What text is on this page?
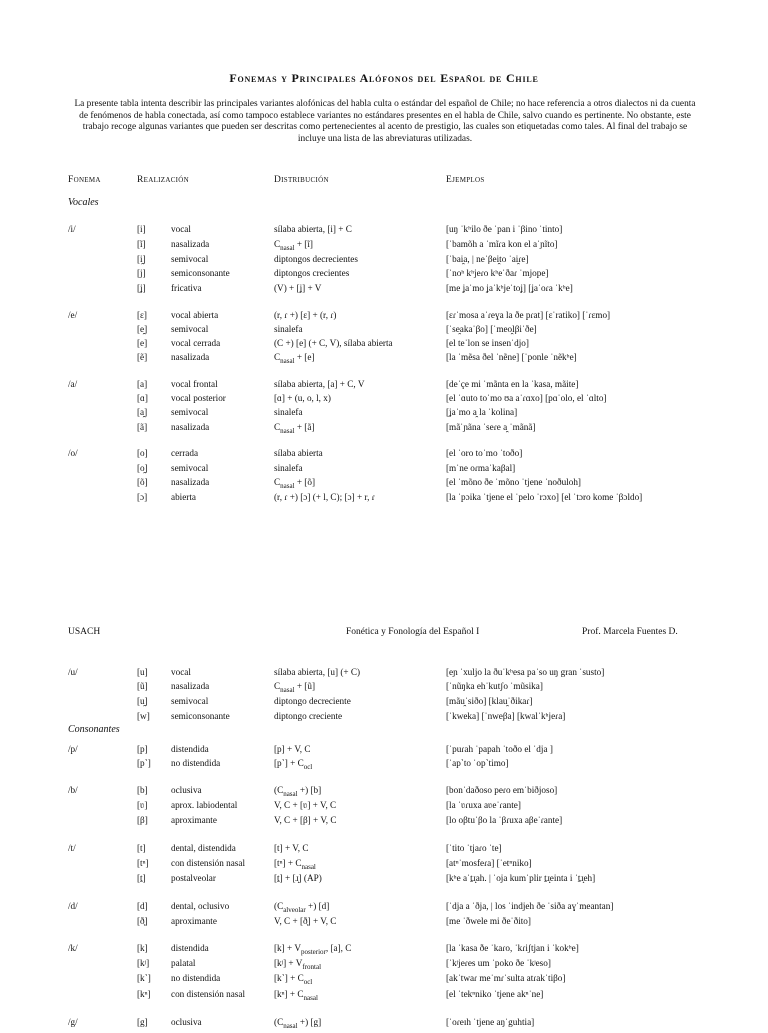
Fonemas y Principales Alófonos del Español de Chile
La presente tabla intenta describir las principales variantes alofónicas del habla culta o estándar del español de Chile; no hace referencia a otros dialectos ni da cuenta de fenómenos de habla conectada, así como tampoco establece variantes no estándares presentes en el habla de Chile, salvo cuando es pertinente. No obstante, este trabajo recoge algunas variantes que pueden ser descritas como pertenecientes al acento de prestigio, las cuales son etiquetadas como tales. Al final del trabajo se incluye una lista de las abreviaturas utilizadas.
Fonema	Realización	Distribución	Ejemplos
Vocales
/i/	[i]	vocal	sílaba abierta, [i] + C	[uŋ ˈkʰilo ðe ˈpan i ˈβino ˈtinto]
[ĩ]	nasalizada	$C_{nasal}$ + [ĩ]	[ˈbamõh a ˈmĩɾa kon el aˈɲĩto]
[i̯]	semivocal	diptongos decrecientes	[ˈbai̯a, | neˈβei̯to ˈai̯ɾe]
[j]	semiconsonante	diptongos crecientes	[ˈnoʰ kʰjeɾo kʰeˈðaɾ ˈmjope]
[ʝ]	fricativa	(V) + [ʝ] + V	[me ʝaˈmo ʝaˈkʰjeˈtoʝ] [ʝaˈoɾa ˈkʰe]
/e/	[ɛ]	vocal abierta	(r, ɾ +) [ɛ] + (r, ɾ)	[ɛɾˈmosa aˈɾeɣa la ðe pɾat] [ɛˈratiko] [ˈɾɛmo]
[e̯]	semivocal	sinalefa	[ˈse̯akaˈβo] [ˈmeo̯lβiˈðe]
[e]	vocal cerrada	(C +) [e] (+ C, V), sílaba abierta	[el teˈlon se insenˈdjo]
[ẽ]	nasalizada	$C_{nasal} + [e]$	[la ˈmẽsa ðel ˈnẽne] [ˈponle ˈnẽkʰe]
/a/	[a]	vocal frontal	sílaba abierta, [a] + C, V	[deˈçe mi ˈmãnta en la ˈkasa, mãite]
[ɑ]	vocal posterior	[ɑ] + (u, o, l, x)	[el ˈɑuto toˈmo ʊa aˈɾɑxo] [pɑˈolo, el ˈɑlto]
[a̯]	semivocal	sinalefa	[ʝaˈmo a̯ la ˈkolina]
[ã]	nasalizada	$C_{nasal}$ + [ã]	[mãˈɲãna ˈseɾe a̯ ˈmãnã]
/o/	[o]	cerrada	sílaba abierta	[el ˈoro toˈmo ˈtoðo]
[o̯]	semivocal	sinalefa	[mˈne oɾmaˈkaβal]
[õ]	nasalizada	$C_{nasal}$ + [õ]	[el ˈmõno ðe ˈmõno ˈtjene ˈnoðuloh]
[ɔ]	abierta	(r, ɾ +) [ɔ] (+ l, C); [ɔ] + r, ɾ	[la ˈpɔika ˈtjene el ˈpelo ˈrɔxo] [el ˈtɔro kome ˈβɔldo]
USACH	Fonética y Fonología del Español I	Prof. Marcela Fuentes D.
/u/	[u]	vocal	sílaba abierta, [u] (+ C)	[eɲ ˈxuljo la ðuˈkʰesa paˈso uŋ gran ˈsusto]
[ũ]	nasalizada	$C_{nasal}$ + [ũ]	[ˈnũŋka ehˈkutʃo ˈmũsika]
[u̯]	semivocal	diptongo decreciente	[mãu̯ˈsiðo] [klau̯ˈðikaɾ]
[w] semiconsonante	diptongo creciente	[ˈkweka] [ˈnweβa] [kwalˈkʰjeɾa]
/p/	[p]	distendida	[p] + V, C	[ˈpuɾah ˈpapah ˈtoðo el ˈdja ]
[p˺] no distendida	[p˺] + $C_{ocl}$	[ˈap˺to ˈop˺timo]
/b/	[b]	oclusiva	($C_{nasal}$ +) [b]	[bonˈdaðoso peɾo emˈbiðjoso]
[ʋ]	aprox. labiodental	V, C + [ʋ] + V, C	[la ˈʋɾuxa aʋeˈɾante]
[β]	aproximante	V, C + [β] + V, C	[lo oβtuˈβo la ˈβɾuxa aβeˈɾante]
/t/	[t]	dental, distendida	[t] + V, C	[ˈtito ˈtjaɾo ˈte]
[tⁿ] con distensión nasal	$[t^n] + C_{nasal}$	[atⁿˈmosfeɾa] [ˈetⁿniko]
[ṯ]	postalveolar	[ṯ] + [ɹ̝] (AP)	[kʰe aˈṯɹ̝ah. | ˈoja kumˈplir ṯɹ̝einta i ˈṯɹ̝eh]
/d/	[d]	dental, oclusivo	($C_{alveolar}$ +) [d]	[ˈdja a ˈðja, | los ˈindjeh ðe ˈsiða aɣˈmeantan]
[ð̞]	aproximante	V, C + [ð̞] + V, C	[me ˈðwele mi ðeˈðito]
/k/	[k]	distendida	$[k] + V_{posterior}$, [a], C	[la ˈkasa ðe ˈkaɾo, ˈkɾiʃtjan i ˈkokʰe]
[kʲ] palatal	[kʲ] + $V_{frontal}$	[ˈkʲjeɾes um ˈpoko ðe ˈkʲeso]
[k˺] no distendida	[k˺] + $C_{ocl}$	[akˈtwaɾ meˈmɾˈsulta atɾakˈtiβo]
[kⁿ] con distensión nasal	$[k^n] + C_{nasal}$	[el ˈtekⁿniko ˈtjene akⁿˈne]
/g/	[g]	oclusiva	($C_{nasal}$ +) [g]	[ˈoɾeɪh ˈtjene aŋˈguhtia]
Consonantes
